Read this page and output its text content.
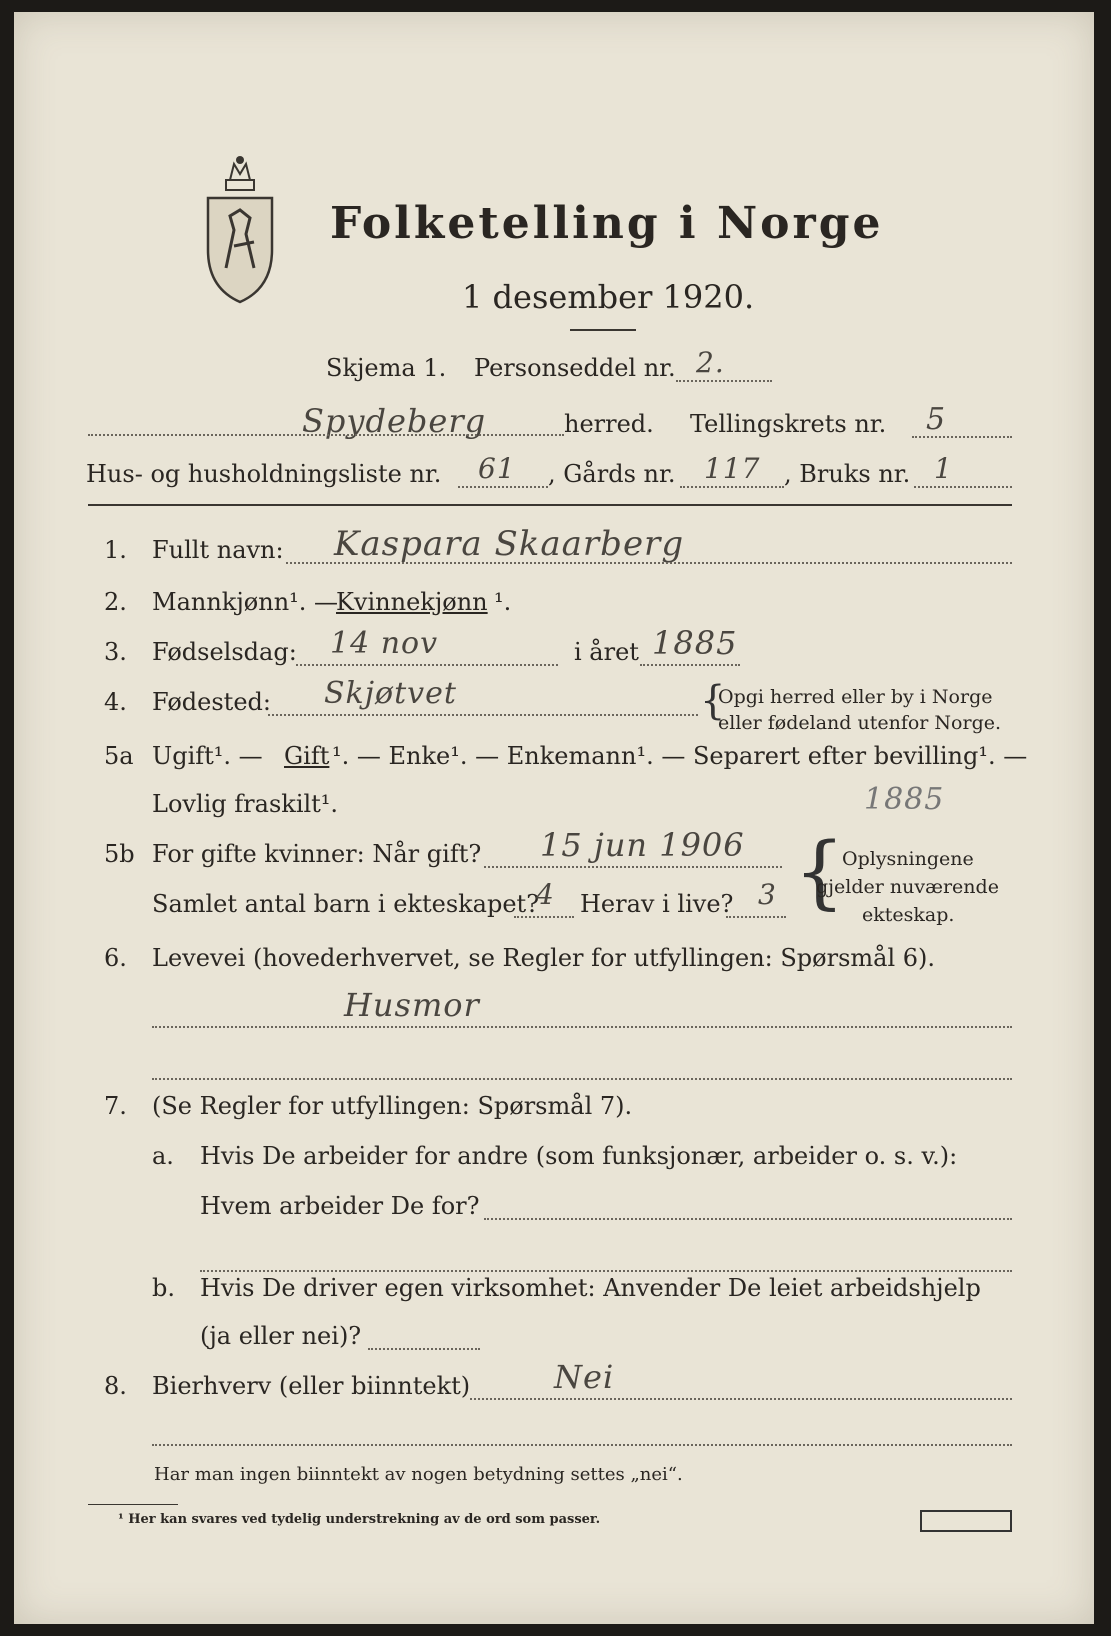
Folketelling i Norge
1 desember 1920.
Skjema 1. Personseddel nr. 2.
Spydeberg	herred. Tellingskrets nr. 5
Hus- og husholdningsliste nr. 61 , Gårds nr. 117 , Bruks nr. 1
1. Fullt navn: Kaspara Skaarberg
2. Mannkjønn¹. —
Kvinnekjønn ¹.
3. Fødselsdag: 14 nov	i året 1885
4. Fødested: Skjøtvet	{
Opgi herred eller by i Norge
eller fødeland utenfor Norge.
5a Ugift¹. — Gift ¹. — Enke¹. — Enkemann¹. — Separert efter bevilling¹. —
Lovlig fraskilt¹.	1885
5b For gifte kvinner: Når gift? 15 jun 1906
Samlet antal barn i ekteskapet?
4 Herav i live? 3 {
Oplysningene
gjelder nuværende
ekteskap.
6. Levevei (hovederhvervet, se Regler for utfyllingen: Spørsmål 6).
Husmor
7. (Se Regler for utfyllingen: Spørsmål 7).
a. Hvis De arbeider for andre (som funksjonær, arbeider o. s. v.):
Hvem arbeider De for?
b. Hvis De driver egen virksomhet: Anvender De leiet arbeidshjelp
(ja eller nei)?
8. Bierhverv (eller biinntekt)	Nei
Har man ingen biinntekt av nogen betydning settes „nei“.
¹ Her kan svares ved tydelig understrekning av de ord som passer.
